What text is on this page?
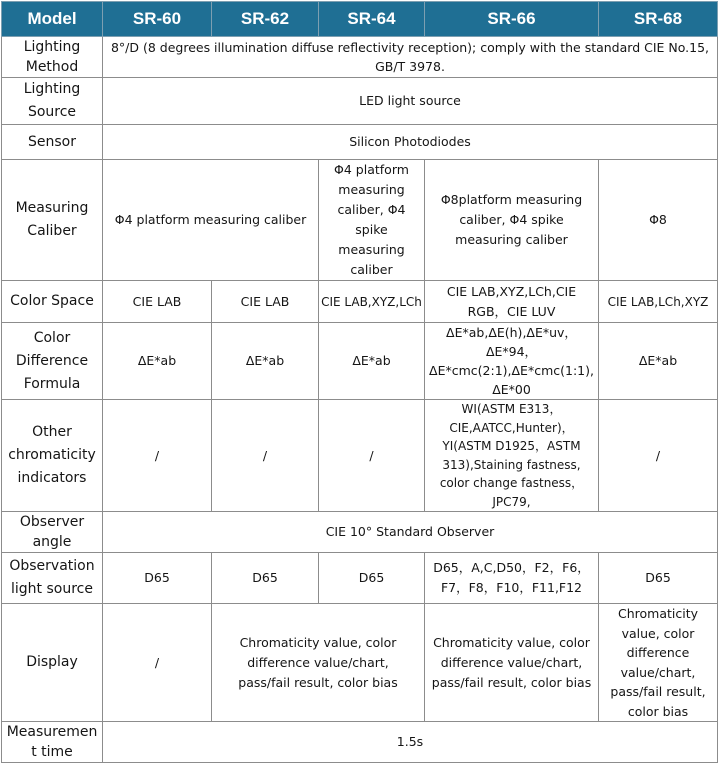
Model	SR-60	SR-62	SR-64	SR-66	SR-68
Lighting Method	8°/D (8 degrees illumination diffuse reflectivity reception); comply with the standard CIE No.15, GB/T 3978.				
Lighting Source	LED light source				
Sensor	Silicon Photodiodes				
Measuring Caliber	Φ4 platform measuring caliber		Φ4 platform measuring caliber, Φ4 spike measuring caliber	Φ8platform measuring caliber, Φ4 spike measuring caliber	Φ8
Color Space	CIE LAB	CIE LAB	CIE LAB,XYZ,LCh	CIE LAB,XYZ,LCh,CIE RGB，CIE LUV	CIE LAB,LCh,XYZ
Color Difference Formula	ΔE*ab	ΔE*ab	ΔE*ab	ΔE*ab,ΔE(h),ΔE*uv， ΔE*94，ΔE*cmc(2:1),ΔE*cmc(1:1),ΔE*00	ΔE*ab
Other chromaticity indicators	/	/	/	WI(ASTM E313，CIE,AATCC,Hunter)，YI(ASTM D1925，ASTM 313),Staining fastness, color change fastness，JPC79,	/
Observer angle	CIE 10° Standard Observer				
Observation light source	D65	D65	D65	D65，A,C,D50，F2，F6，F7，F8，F10，F11,F12	D65
Display	/	Chromaticity value, color difference value/chart, pass/fail result, color bias		Chromaticity value, color difference value/chart, pass/fail result, color bias	Chromaticity value, color difference value/chart, pass/fail result, color bias
Measurement time	1.5s				
